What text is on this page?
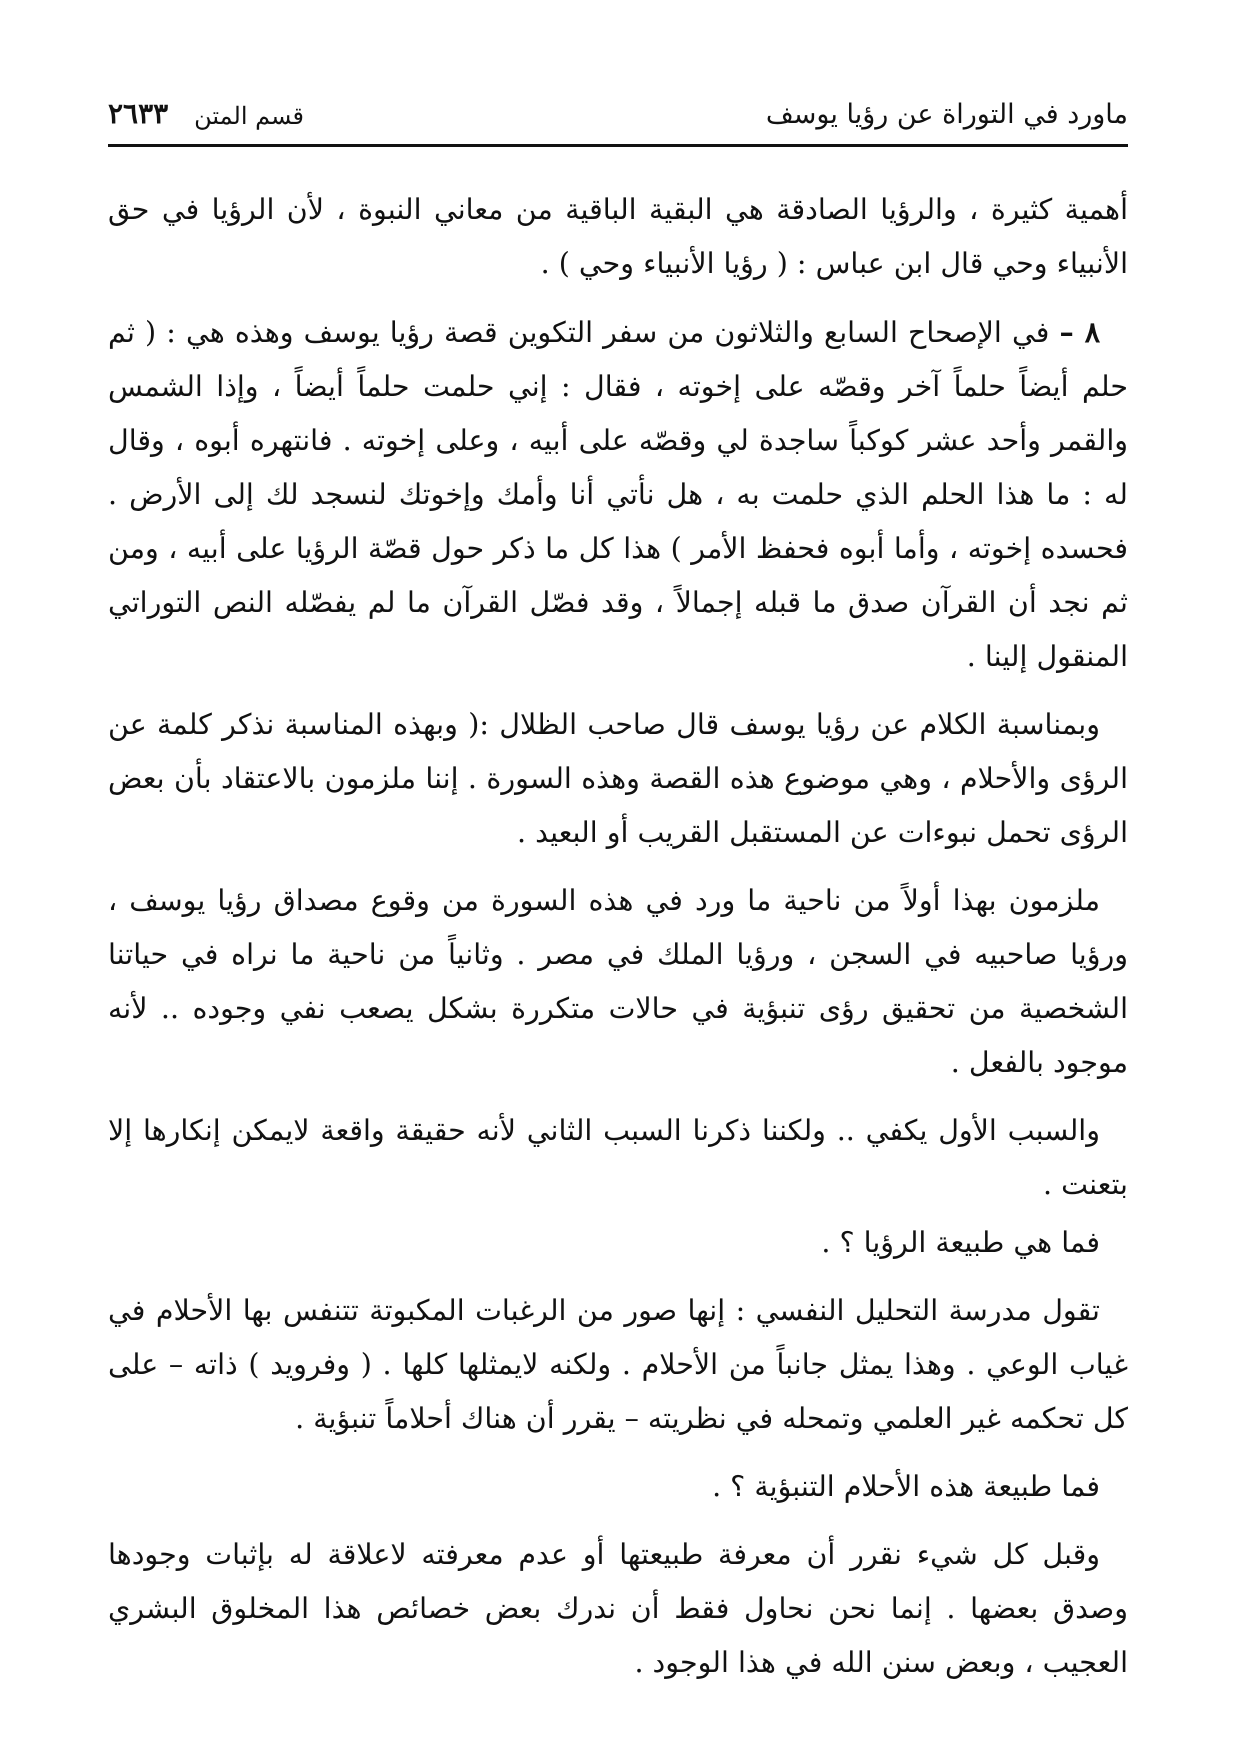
ماورد في التوراة عن رؤيا يوسف
قسم المتن
٢٦٣٣

أهمية كثيرة ، والرؤيا الصادقة هي البقية الباقية من معاني النبوة ، لأن الرؤيا في حق الأنبياء وحي قال ابن عباس : ( رؤيا الأنبياء وحي ) .

٨ – في الإصحاح السابع والثلاثون من سفر التكوين قصة رؤيا يوسف وهذه هي : ( ثم حلم أيضاً حلماً آخر وقصّه على إخوته ، فقال : إني حلمت حلماً أيضاً ، وإذا الشمس والقمر وأحد عشر كوكباً ساجدة لي وقصّه على أبيه ، وعلى إخوته . فانتهره أبوه ، وقال له : ما هذا الحلم الذي حلمت به ، هل نأتي أنا وأمك وإخوتك لنسجد لك إلى الأرض . فحسده إخوته ، وأما أبوه فحفظ الأمر ) هذا كل ما ذكر حول قصّة الرؤيا على أبيه ، ومن ثم نجد أن القرآن صدق ما قبله إجمالاً ، وقد فصّل القرآن ما لم يفصّله النص التوراتي المنقول إلينا .

وبمناسبة الكلام عن رؤيا يوسف قال صاحب الظلال :( وبهذه المناسبة نذكر كلمة عن الرؤى والأحلام ، وهي موضوع هذه القصة وهذه السورة . إننا ملزمون بالاعتقاد بأن بعض الرؤى تحمل نبوءات عن المستقبل القريب أو البعيد .

ملزمون بهذا أولاً من ناحية ما ورد في هذه السورة من وقوع مصداق رؤيا يوسف ، ورؤيا صاحبيه في السجن ، ورؤيا الملك في مصر . وثانياً من ناحية ما نراه في حياتنا الشخصية من تحقيق رؤى تنبؤية في حالات متكررة بشكل يصعب نفي وجوده .. لأنه موجود بالفعل .

والسبب الأول يكفي .. ولكننا ذكرنا السبب الثاني لأنه حقيقة واقعة لايمكن إنكارها إلا بتعنت .

فما هي طبيعة الرؤيا ؟ .

تقول مدرسة التحليل النفسي : إنها صور من الرغبات المكبوتة تتنفس بها الأحلام في غياب الوعي . وهذا يمثل جانباً من الأحلام . ولكنه لايمثلها كلها . ( وفرويد ) ذاته – على كل تحكمه غير العلمي وتمحله في نظريته – يقرر أن هناك أحلاماً تنبؤية .

فما طبيعة هذه الأحلام التنبؤية ؟ .

وقبل كل شيء نقرر أن معرفة طبيعتها أو عدم معرفته لاعلاقة له بإثبات وجودها وصدق بعضها . إنما نحن نحاول فقط أن ندرك بعض خصائص هذا المخلوق البشري العجيب ، وبعض سنن الله في هذا الوجود .
